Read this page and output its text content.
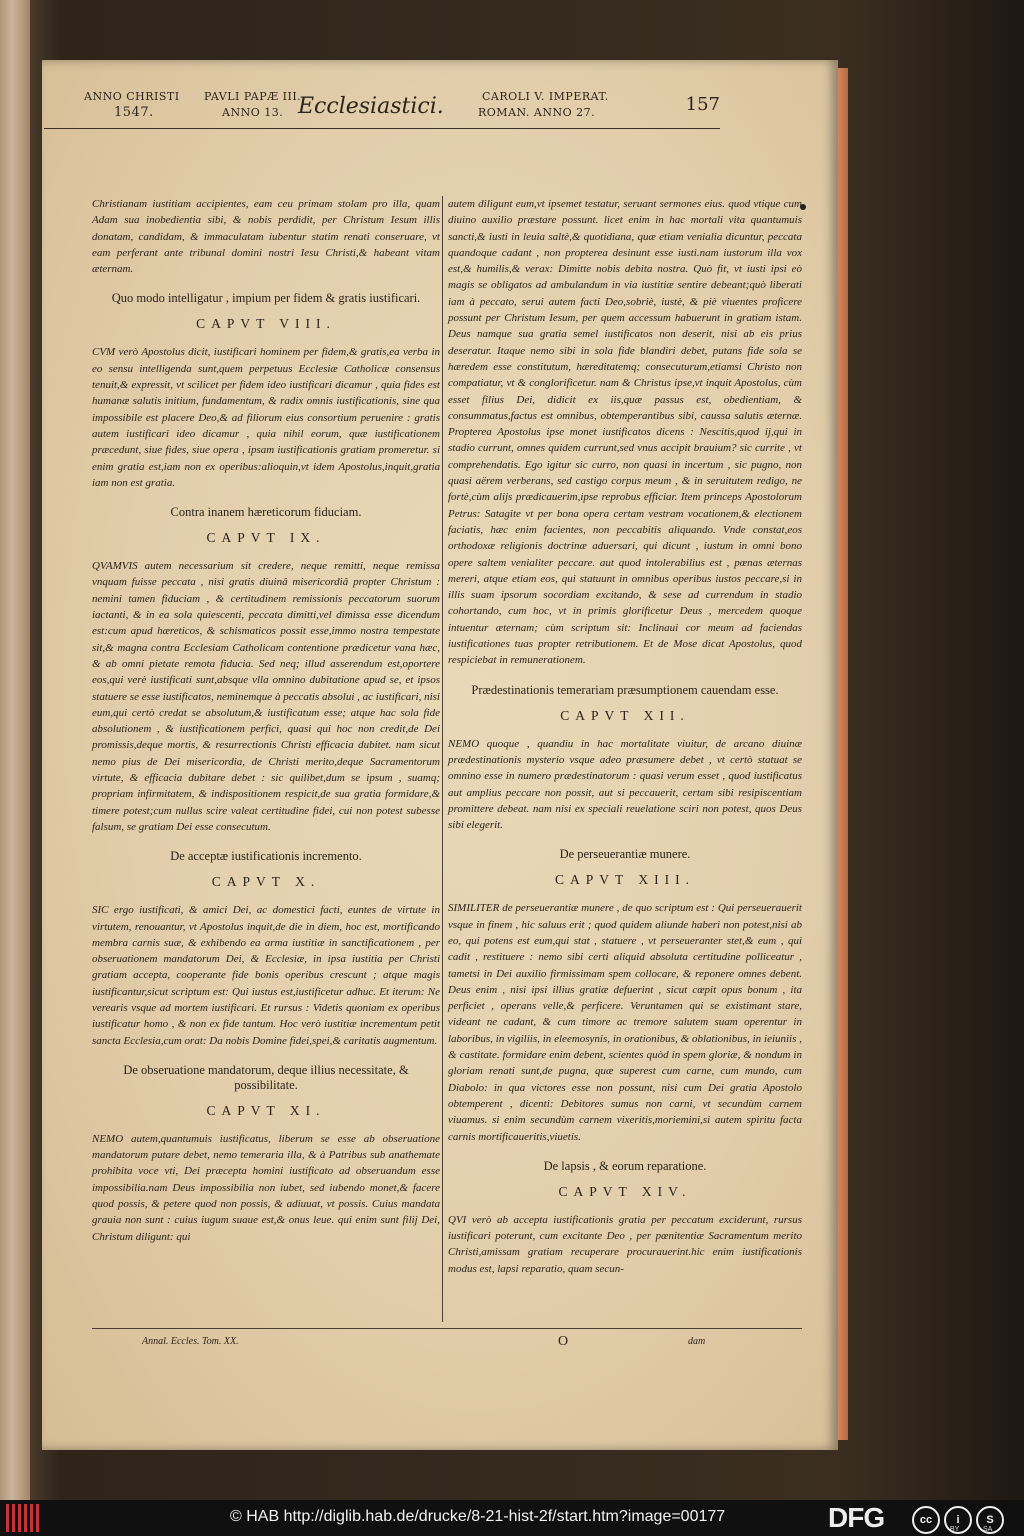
ANNO CHRISTI
1547.
PAVLI PAPÆ III.
ANNO 13. Ecclesiastici.	CAROLI V. IMPERAT.
ROMAN. ANNO 27.	157

Christianam iustitiam accipientes, eam ceu primam stolam pro illa, quam Adam sua inobedientia sibi, & nobis perdidit, per Christum Iesum illis donatam, candidam, & immaculatam iubentur statim renati conseruare, vt eam perferant ante tribunal domini nostri Iesu Christi,& habeant vitam æternam.

Quo modo intelligatur , impium per fidem & gratis iustificari.
CAPVT VIII.

CVM verò Apostolus dicit, iustificari hominem per fidem,& gratis,ea verba in eo sensu intelligenda sunt,quem perpetuus Ecclesiæ Catholicæ consensus tenuit,& expressit, vt scilicet per fidem ideo iustificari dicamur , quia fides est humanæ salutis initium, fundamentum, & radix omnis iustificationis, sine qua impossibile est placere Deo,& ad filiorum eius consortium peruenire : gratis autem iustificari ideo dicamur , quia nihil eorum, quæ iustificationem præcedunt, siue fides, siue opera , ipsam iustificationis gratiam promeretur. si enim gratia est,iam non ex operibus:alioquin,vt idem Apostolus,inquit,gratia iam non est gratia.

Contra inanem hæreticorum fiduciam.
CAPVT IX.

QVAMVIS autem necessarium sit credere, neque remitti, neque remissa vnquam fuisse peccata , nisi gratis diuinâ misericordiâ propter Christum : nemini tamen fiduciam , & certitudinem remissionis peccatorum suorum iactanti, & in ea sola quiescenti, peccata dimitti,vel dimissa esse dicendum est:cum apud hæreticos, & schismaticos possit esse,immo nostra tempestate sit,& magna contra Ecclesiam Catholicam contentione prædicetur vana hæc, & ab omni pietate remota fiducia. Sed neq; illud asserendum est,oportere eos,qui verè iustificati sunt,absque vlla omnino dubitatione apud se, et ipsos statuere se esse iustificatos, neminemque à peccatis absolui , ac iustificari, nisi eum,qui certò credat se absolutum,& iustificatum esse; atque hac sola fide absolutionem , & iustificationem perfici, quasi qui hoc non credit,de Dei promissis,deque mortis, & resurrectionis Christi efficacia dubitet. nam sicut nemo pius de Dei misericordia, de Christi merito,deque Sacramentorum virtute, & efficacia dubitare debet : sic quilibet,dum se ipsum , suamq; propriam infirmitatem, & indispositionem respicit,de sua gratia formidare,& timere potest;cum nullus scire valeat certitudine fidei, cui non potest subesse falsum, se gratiam Dei esse consecutum.

De acceptæ iustificationis incremento.
CAPVT X.

SIC ergo iustificati, & amici Dei, ac domestici facti, euntes de virtute in virtutem, renouantur, vt Apostolus inquit,de die in diem, hoc est, mortificando membra carnis suæ, & exhibendo ea arma iustitiæ in sanctificationem , per obseruationem mandatorum Dei, & Ecclesiæ, in ipsa iustitia per Christi gratiam accepta, cooperante fide bonis operibus crescunt ; atque magis iustificantur,sicut scriptum est: Qui iustus est,iustificetur adhuc. Et iterum: Ne verearis vsque ad mortem iustificari. Et rursus : Videtis quoniam ex operibus iustificatur homo , & non ex fide tantum. Hoc verò iustitiæ incrementum petit sancta Ecclesia,cum orat: Da nobis Domine fidei,spei,& caritatis augmentum.

De obseruatione mandatorum, deque illius necessitate, & possibilitate.
CAPVT XI.

NEMO autem,quantumuis iustificatus, liberum se esse ab obseruatione mandatorum putare debet, nemo temeraria illa, & à Patribus sub anathemate prohibita voce vti, Dei præcepta homini iustificato ad obseruandum esse impossibilia.nam Deus impossibilia non iubet, sed iubendo monet,& facere quod possis, & petere quod non possis, & adiuuat, vt possis. Cuius mandata grauia non sunt : cuius iugum suaue est,& onus leue. qui enim sunt filij Dei, Christum diligunt: qui

autem diligunt eum,vt ipsemet testatur, seruant sermones eius. quod vtique cum diuino auxilio præstare possunt. licet enim in hac mortali vita quantumuis sancti,& iusti in leuia saltè,& quotidiana, quæ etiam venialia dicuntur, peccata quandoque cadant , non propterea desinunt esse iusti.nam iustorum illa vox est,& humilis,& verax: Dimitte nobis debita nostra. Quò fit, vt iusti ipsi eò magis se obligatos ad ambulandum in via iustitiæ sentire debeant;quò liberati iam à peccato, serui autem facti Deo,sobriè, iustè, & piè viuentes proficere possunt per Christum Iesum, per quem accessum habuerunt in gratiam istam. Deus namque sua gratia semel iustificatos non deserit, nisi ab eis prius deseratur. Itaque nemo sibi in sola fide blandiri debet, putans fide sola se hæredem esse constitutum, hæreditatemq; consecuturum,etiamsi Christo non compatiatur, vt & conglorificetur. nam & Christus ipse,vt inquit Apostolus, cùm esset filius Dei, didicit ex iis,quæ passus est, obedientiam, & consummatus,factus est omnibus, obtemperantibus sibi, caussa salutis æternæ. Propterea Apostolus ipse monet iustificatos dicens : Nescitis,quod ij,qui in stadio currunt, omnes quidem currunt,sed vnus accipit brauium? sic currite , vt comprehendatis. Ego igitur sic curro, non quasi in incertum , sic pugno, non quasi aërem verberans, sed castigo corpus meum , & in seruitutem redigo, ne fortè,cùm alijs prædicauerim,ipse reprobus efficiar. Item princeps Apostolorum Petrus: Satagite vt per bona opera certam vestram vocationem,& electionem faciatis, hæc enim facientes, non peccabitis aliquando. Vnde constat,eos orthodoxæ religionis doctrinæ aduersari, qui dicunt , iustum in omni bono opere saltem venialiter peccare. aut quod intolerabilius est , pœnas æternas mereri, atque etiam eos, qui statuunt in omnibus operibus iustos peccare,si in illis suam ipsorum socordiam excitando, & sese ad currendum in stadio cohortando, cum hoc, vt in primis glorificetur Deus , mercedem quoque intuentur æternam; cùm scriptum sit: Inclinaui cor meum ad faciendas iustificationes tuas propter retributionem. Et de Mose dicat Apostolus, quod respiciebat in remunerationem.

Prædestinationis temerariam præsumptionem cauendam esse.
CAPVT XII.

NEMO quoque , quandiu in hac mortalitate viuitur, de arcano diuinæ prædestinationis mysterio vsque adeo præsumere debet , vt certò statuat se omnino esse in numero prædestinatorum : quasi verum esset , quod iustificatus aut amplius peccare non possit, aut si peccauerit, certam sibi resipiscentiam promittere debeat. nam nisi ex speciali reuelatione sciri non potest, quos Deus sibi elegerit.

De perseuerantiæ munere.
CAPVT XIII.

SIMILITER de perseuerantiæ munere , de quo scriptum est : Qui perseuerauerit vsque in finem , hic saluus erit ; quod quidem aliunde haberi non potest,nisi ab eo, qui potens est eum,qui stat , statuere , vt perseueranter stet,& eum , qui cadit , restituere : nemo sibi certi aliquid absoluta certitudine polliceatur , tametsi in Dei auxilio firmissimam spem collocare, & reponere omnes debent. Deus enim , nisi ipsi illius gratiæ defuerint , sicut cœpit opus bonum , ita perficiet , operans velle,& perficere. Veruntamen qui se existimant stare, videant ne cadant, & cum timore ac tremore salutem suam operentur in laboribus, in vigiliis, in eleemosynis, in orationibus, & oblationibus, in ieiuniis , & castitate. formidare enim debent, scientes quòd in spem gloriæ, & nondum in gloriam renati sunt,de pugna, quæ superest cum carne, cum mundo, cum Diabolo: in qua victores esse non possunt, nisi cum Dei gratia Apostolo obtemperent , dicenti: Debitores sumus non carni, vt secundùm carnem viuamus. si enim secundùm carnem vixeritis,moriemini,si autem spiritu facta carnis mortificaueritis,viuetis.

De lapsis , & eorum reparatione.
CAPVT XIV.

QVI verò ab accepta iustificationis gratia per peccatum exciderunt, rursus iustificari poterunt, cum excitante Deo , per pœnitentiæ Sacramentum merito Christi,amissam gratiam recuperare procurauerint.hic enim iustificationis modus est, lapsi reparatio, quam secun-

Annal. Eccles. Tom. XX.	O	dam
© HAB http://diglib.hab.de/drucke/8-21-hist-2f/start.htm?image=00177	DFG	cc	i	S
BY	SA
